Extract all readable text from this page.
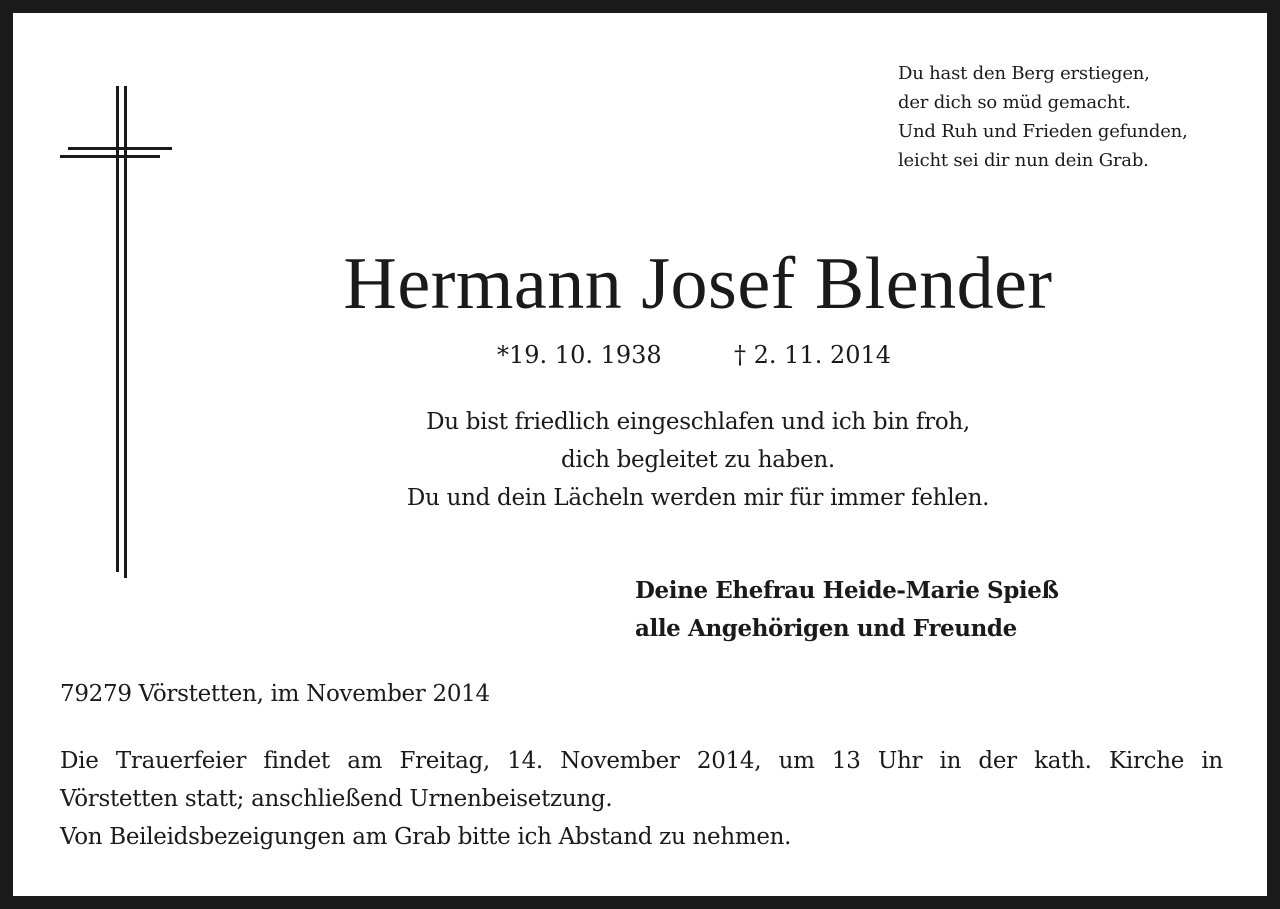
Du hast den Berg erstiegen,
der dich so müd gemacht.
Und Ruh und Frieden gefunden,
leicht sei dir nun dein Grab.
Hermann Josef Blender
*19. 10. 1938	† 2. 11. 2014
Du bist friedlich eingeschlafen und ich bin froh,
dich begleitet zu haben.
Du und dein Lächeln werden mir für immer fehlen.
Deine Ehefrau Heide-Marie Spieß
alle Angehörigen und Freunde
79279 Vörstetten, im November 2014
Die Trauerfeier findet am Freitag, 14. November 2014, um 13 Uhr in der kath. Kirche in
Vörstetten statt; anschließend Urnenbeisetzung.
Von Beileidsbezeigungen am Grab bitte ich Abstand zu nehmen.
